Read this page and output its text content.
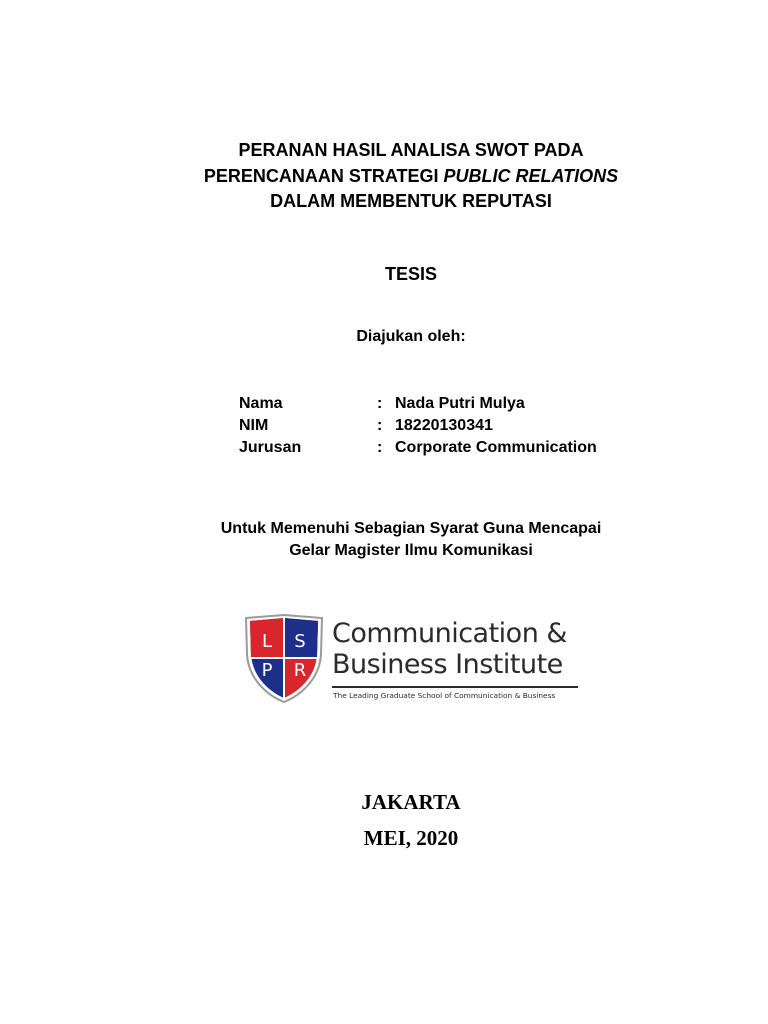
PERANAN HASIL ANALISA SWOT PADA
PERENCANAAN STRATEGI PUBLIC RELATIONS
DALAM MEMBENTUK REPUTASI
TESIS
Diajukan oleh:
Nama	: Nada Putri Mulya
NIM	: 18220130341
Jurusan	: Corporate Communication
Untuk Memenuhi Sebagian Syarat Guna Mencapai
Gelar Magister Ilmu Komunikasi
L S
P R
Communication &
Business Institute
The Leading Graduate School of Communication & Business
JAKARTA
MEI, 2020
